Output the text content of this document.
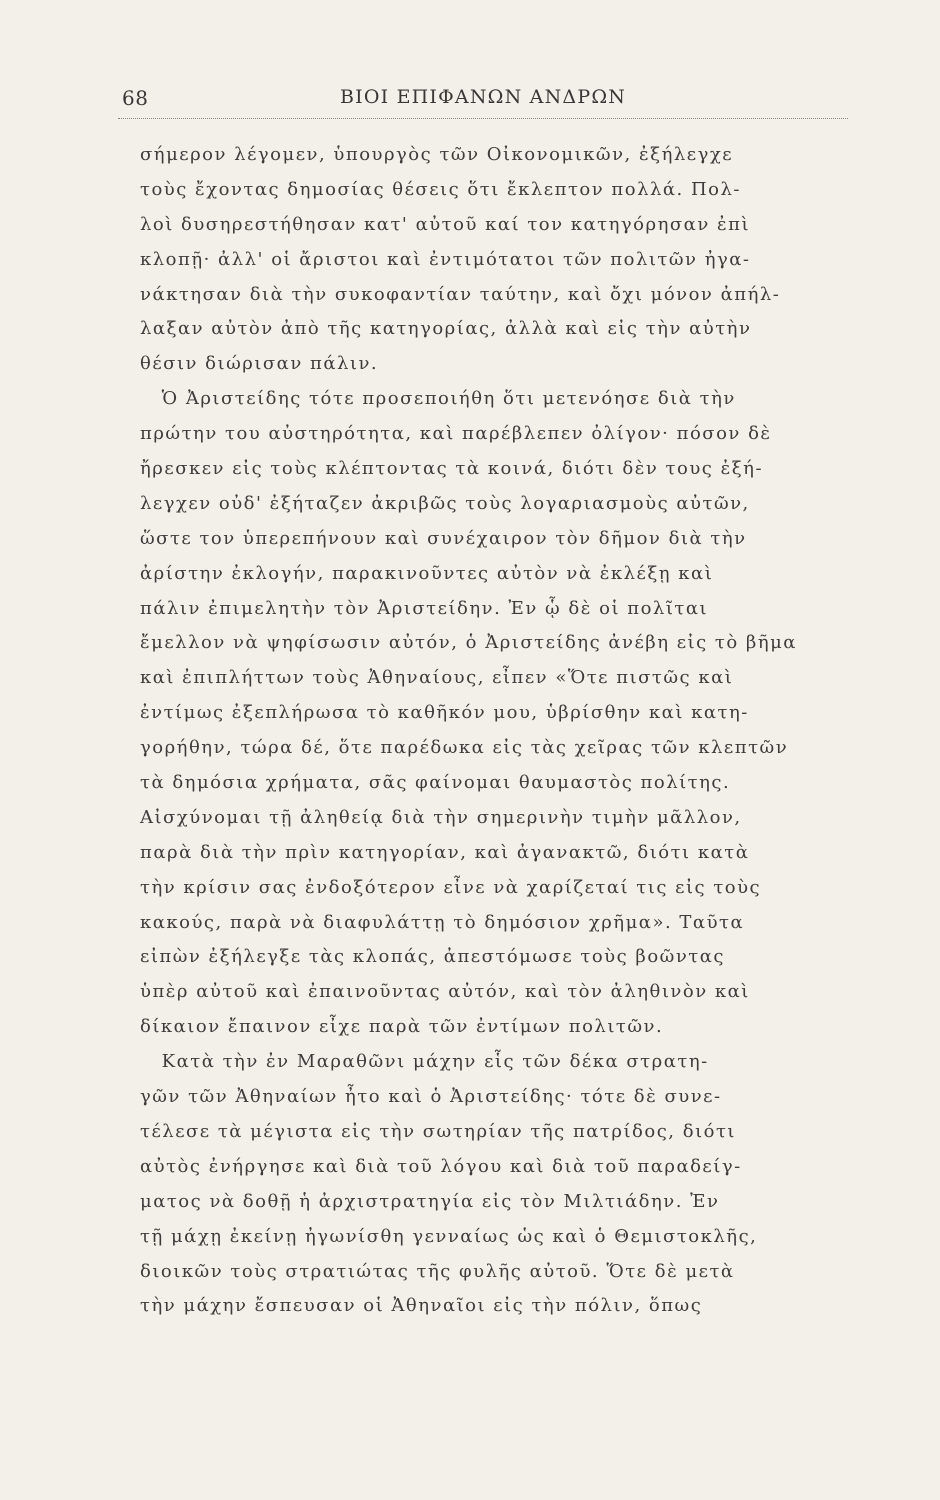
68	ΒΙΟΙ ΕΠΙΦΑΝΩΝ ΑΝΔΡΩΝ
σήμερον λέγομεν, ὑπουργὸς τῶν Οἰκονομικῶν, ἐξήλεγχε
τοὺς ἔχοντας δημοσίας θέσεις ὅτι ἔκλεπτον πολλά. Πολ-
λοὶ δυσηρεστήθησαν κατ' αὐτοῦ καί τον κατηγόρησαν ἐπὶ
κλοπῇ· ἀλλ' οἱ ἄριστοι καὶ ἐντιμότατοι τῶν πολιτῶν ἠγα-
νάκτησαν διὰ τὴν συκοφαντίαν ταύτην, καὶ ὄχι μόνον ἀπήλ-
λαξαν αὐτὸν ἀπὸ τῆς κατηγορίας, ἀλλὰ καὶ εἰς τὴν αὐτὴν
θέσιν διώρισαν πάλιν.
Ὁ Ἀριστείδης τότε προσεποιήθη ὅτι μετενόησε διὰ τὴν
πρώτην του αὐστηρότητα, καὶ παρέβλεπεν ὀλίγον· πόσον δὲ
ἤρεσκεν εἰς τοὺς κλέπτοντας τὰ κοινά, διότι δὲν τους ἐξή-
λεγχεν οὐδ' ἐξήταζεν ἀκριβῶς τοὺς λογαριασμοὺς αὐτῶν,
ὥστε τον ὑπερεπήνουν καὶ συνέχαιρον τὸν δῆμον διὰ τὴν
ἀρίστην ἐκλογήν, παρακινοῦντες αὐτὸν νὰ ἐκλέξῃ καὶ
πάλιν ἐπιμελητὴν τὸν Ἀριστείδην. Ἐν ᾧ δὲ οἱ πολῖται
ἔμελλον νὰ ψηφίσωσιν αὐτόν, ὁ Ἀριστείδης ἀνέβη εἰς τὸ βῆμα
καὶ ἐπιπλήττων τοὺς Ἀθηναίους, εἶπεν «Ὅτε πιστῶς καὶ
ἐντίμως ἐξεπλήρωσα τὸ καθῆκόν μου, ὑβρίσθην καὶ κατη-
γορήθην, τώρα δέ, ὅτε παρέδωκα εἰς τὰς χεῖρας τῶν κλεπτῶν
τὰ δημόσια χρήματα, σᾶς φαίνομαι θαυμαστὸς πολίτης.
Αἰσχύνομαι τῇ ἀληθείᾳ διὰ τὴν σημερινὴν τιμὴν μᾶλλον,
παρὰ διὰ τὴν πρὶν κατηγορίαν, καὶ ἀγανακτῶ, διότι κατὰ
τὴν κρίσιν σας ἐνδοξότερον εἶνε νὰ χαρίζεταί τις εἰς τοὺς
κακούς, παρὰ νὰ διαφυλάττῃ τὸ δημόσιον χρῆμα». Ταῦτα
εἰπὼν ἐξήλεγξε τὰς κλοπάς, ἀπεστόμωσε τοὺς βοῶντας
ὑπὲρ αὐτοῦ καὶ ἐπαινοῦντας αὐτόν, καὶ τὸν ἀληθινὸν καὶ
δίκαιον ἔπαινον εἶχε παρὰ τῶν ἐντίμων πολιτῶν.
Κατὰ τὴν ἐν Μαραθῶνι μάχην εἷς τῶν δέκα στρατη-
γῶν τῶν Ἀθηναίων ἦτο καὶ ὁ Ἀριστείδης· τότε δὲ συνε-
τέλεσε τὰ μέγιστα εἰς τὴν σωτηρίαν τῆς πατρίδος, διότι
αὐτὸς ἐνήργησε καὶ διὰ τοῦ λόγου καὶ διὰ τοῦ παραδείγ-
ματος νὰ δοθῇ ἡ ἀρχιστρατηγία εἰς τὸν Μιλτιάδην. Ἐν
τῇ μάχῃ ἐκείνῃ ἠγωνίσθη γενναίως ὡς καὶ ὁ Θεμιστοκλῆς,
διοικῶν τοὺς στρατιώτας τῆς φυλῆς αὐτοῦ. Ὅτε δὲ μετὰ
τὴν μάχην ἔσπευσαν οἱ Ἀθηναῖοι εἰς τὴν πόλιν, ὅπως
